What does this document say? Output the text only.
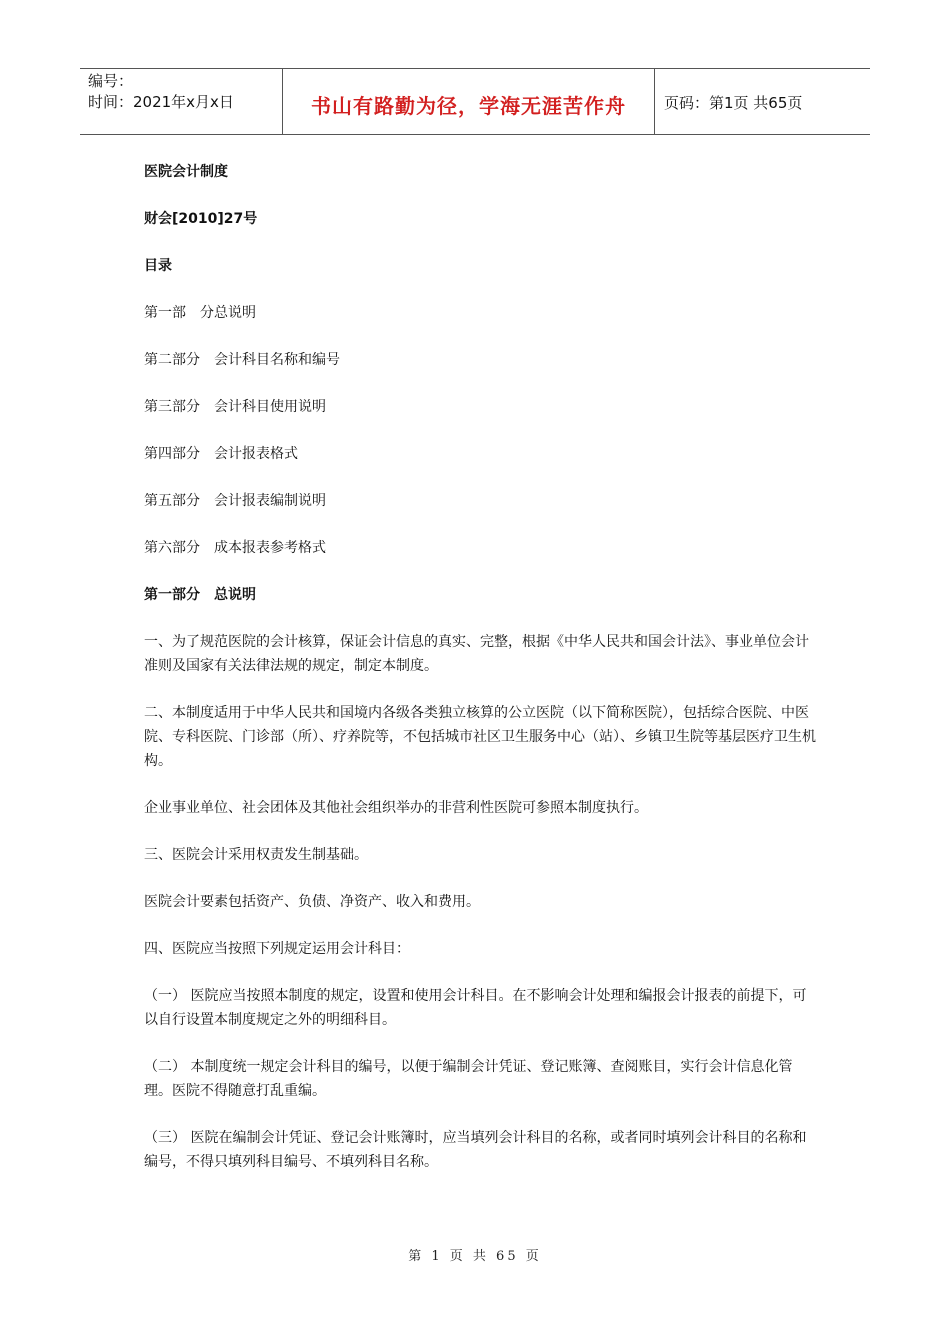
编号：
时间：2021年x月x日	书山有路勤为径，学海无涯苦作舟	页码：第1页 共65页

医院会计制度

财会[2010]27号

目录

第一部 分总说明

第二部分 会计科目名称和编号

第三部分 会计科目使用说明

第四部分 会计报表格式

第五部分 会计报表编制说明

第六部分 成本报表参考格式

第一部分 总说明

一、为了规范医院的会计核算，保证会计信息的真实、完整，根据《中华人民共和国会计法》、事业单位会计准则及国家有关法律法规的规定，制定本制度。

二、本制度适用于中华人民共和国境内各级各类独立核算的公立医院（以下简称医院），包括综合医院、中医院、专科医院、门诊部（所）、疗养院等，不包括城市社区卫生服务中心（站）、乡镇卫生院等基层医疗卫生机构。

企业事业单位、社会团体及其他社会组织举办的非营利性医院可参照本制度执行。

三、医院会计采用权责发生制基础。

医院会计要素包括资产、负债、净资产、收入和费用。

四、医院应当按照下列规定运用会计科目：

（一） 医院应当按照本制度的规定，设置和使用会计科目。在不影响会计处理和编报会计报表的前提下，可以自行设置本制度规定之外的明细科目。

（二） 本制度统一规定会计科目的编号，以便于编制会计凭证、登记账簿、查阅账目，实行会计信息化管理。医院不得随意打乱重编。

（三） 医院在编制会计凭证、登记会计账簿时，应当填列会计科目的名称，或者同时填列会计科目的名称和编号，不得只填列科目编号、不填列科目名称。

第 1 页 共 65 页
